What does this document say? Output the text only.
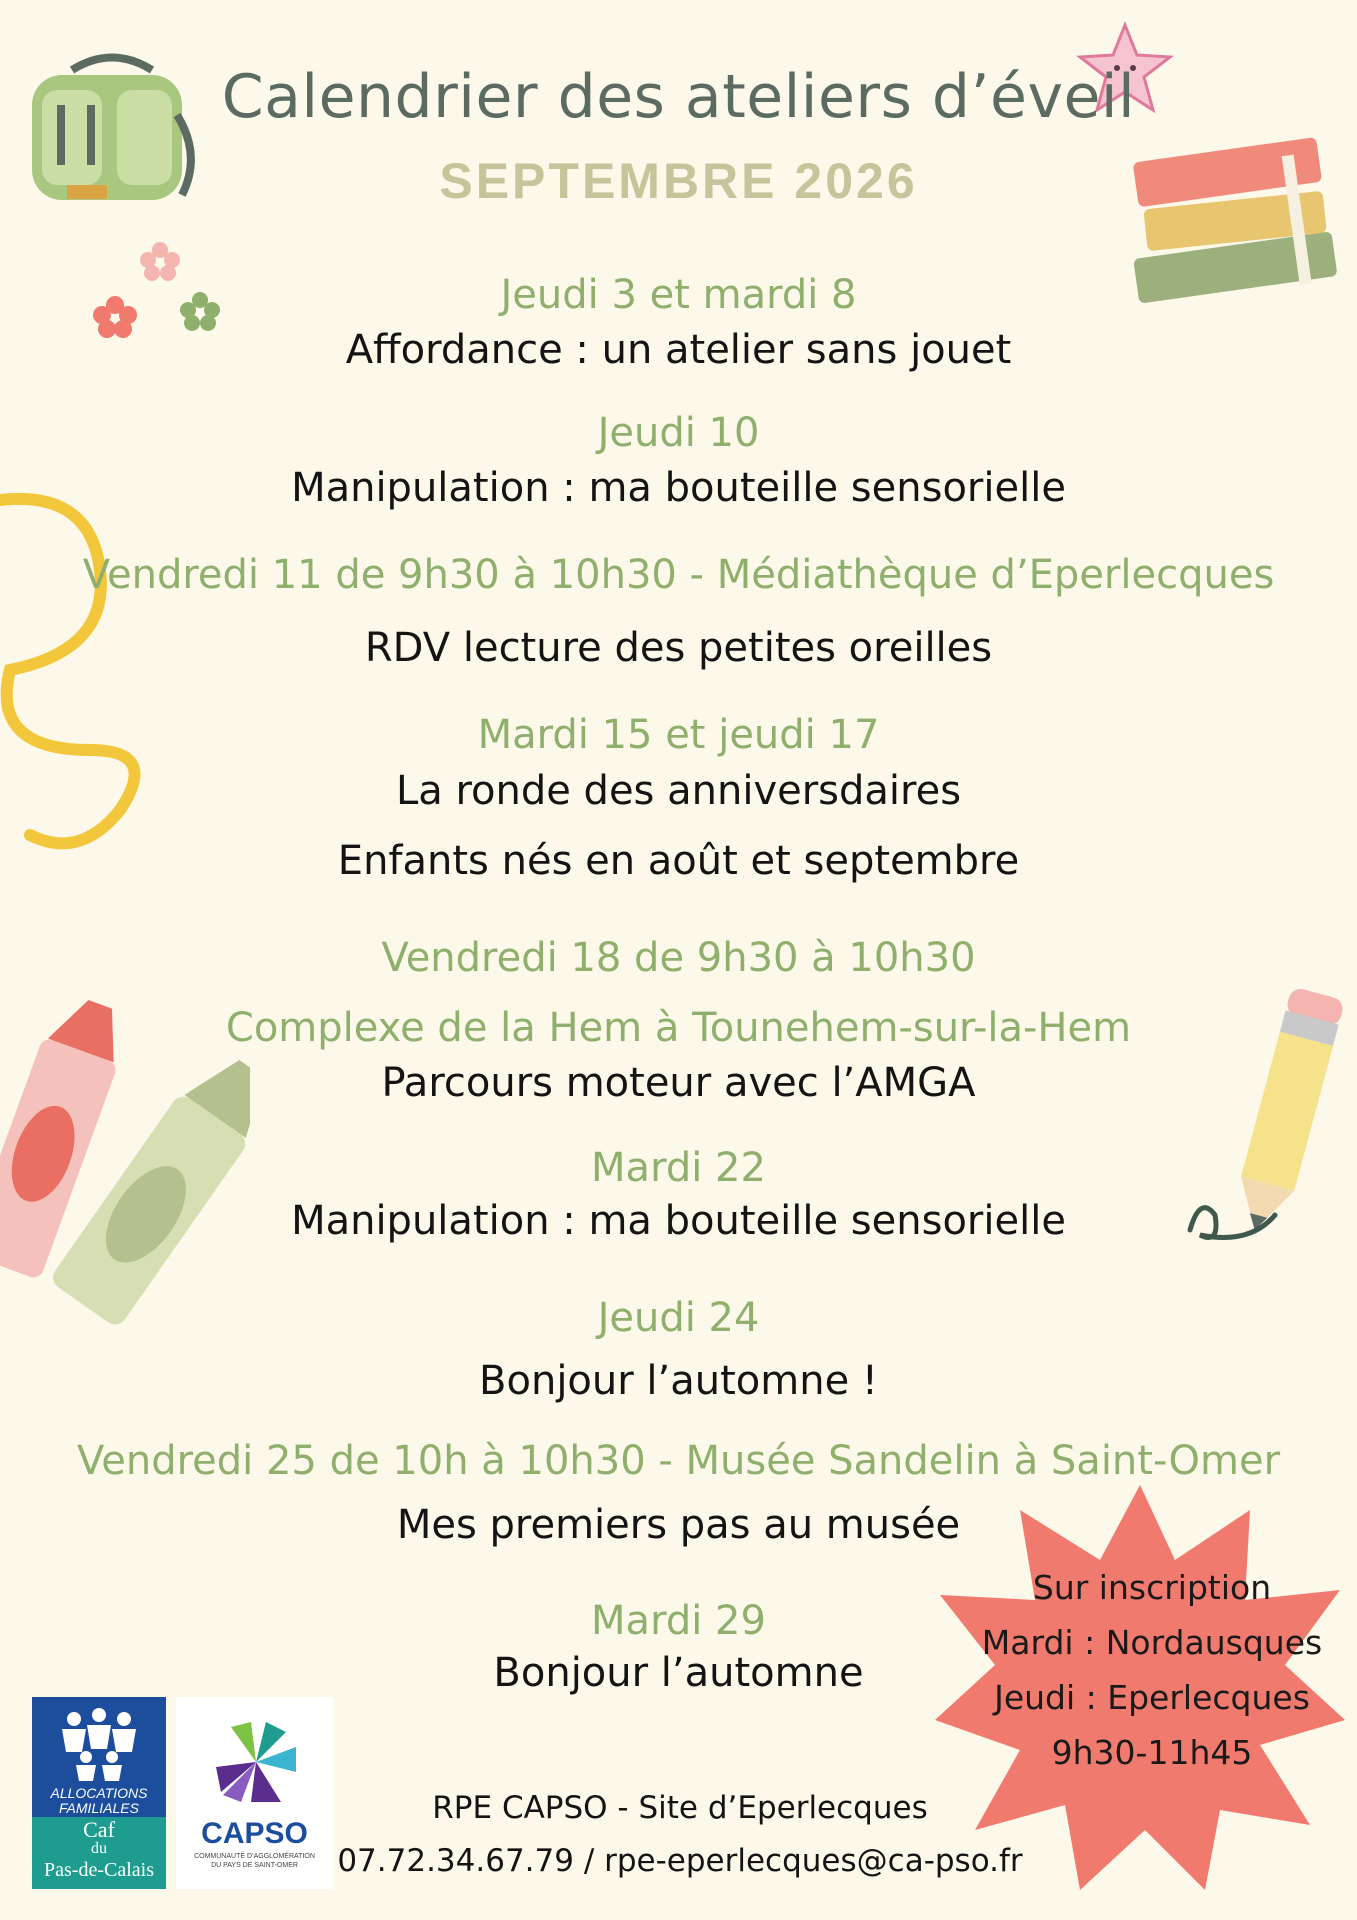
Calendrier des ateliers d’éveil
SEPTEMBRE 2026
Jeudi 3 et mardi 8
Affordance : un atelier sans jouet
Jeudi 10
Manipulation : ma bouteille sensorielle
Vendredi 11 de 9h30 à 10h30 - Médiathèque d’Eperlecques
RDV lecture des petites oreilles
Mardi 15 et jeudi 17
La ronde des anniversdaires
Enfants nés en août et septembre
Vendredi 18 de 9h30 à 10h30
Complexe de la Hem à Tounehem-sur-la-Hem
Parcours moteur avec l’AMGA
Mardi 22
Manipulation : ma bouteille sensorielle
Jeudi 24
Bonjour l’automne !
Vendredi 25 de 10h à 10h30 - Musée Sandelin à Saint-Omer
Mes premiers pas au musée
Mardi 29
Bonjour l’automne
Sur inscription
Mardi : Nordausques
Jeudi : Eperlecques
9h30-11h45
ALLOCATIONS
FAMILIALES
Caf
du
Pas-de-Calais
CAPSO
COMMUNAUTÉ D’AGGLOMÉRATION
DU PAYS DE SAINT-OMER
RPE CAPSO - Site d’Eperlecques
07.72.34.67.79 / rpe-eperlecques@ca-pso.fr
